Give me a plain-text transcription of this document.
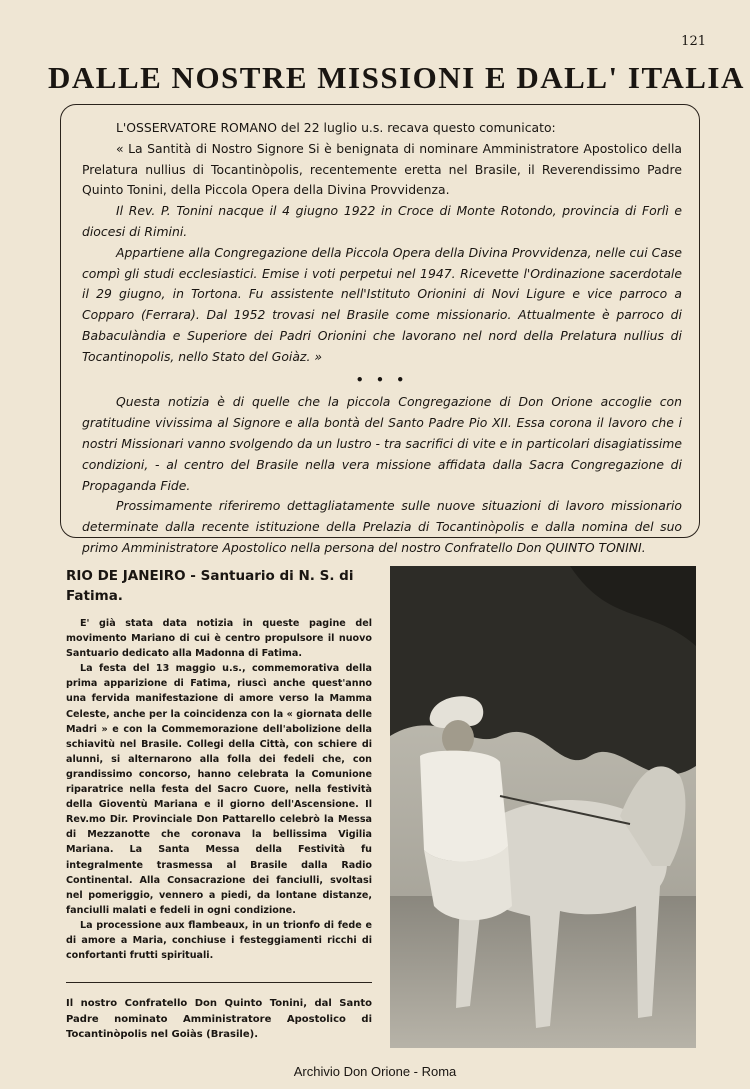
121
DALLE NOSTRE MISSIONI E DALL' ITALIA

L'OSSERVATORE ROMANO del 22 luglio u.s. recava questo comunicato:

« La Santità di Nostro Signore Si è benignata di nominare Amministratore Apostolico della Prelatura nullius di Tocantinòpolis, recentemente eretta nel Brasile, il Reverendissimo Padre Quinto Tonini, della Piccola Opera della Divina Provvidenza.

Il Rev. P. Tonini nacque il 4 giugno 1922 in Croce di Monte Rotondo, provincia di Forlì e diocesi di Rimini.

Appartiene alla Congregazione della Piccola Opera della Divina Provvidenza, nelle cui Case compì gli studi ecclesiastici. Emise i voti perpetui nel 1947. Ricevette l'Ordinazione sacerdotale il 29 giugno, in Tortona. Fu assistente nell'Istituto Orionini di Novi Ligure e vice parroco a Copparo (Ferrara). Dal 1952 trovasi nel Brasile come missionario. Attualmente è parroco di Babaculàndia e Superiore dei Padri Orionini che lavorano nel nord della Prelatura nullius di Tocantinopolis, nello Stato del Goiàz. »

• • •

Questa notizia è di quelle che la piccola Congregazione di Don Orione accoglie con gratitudine vivissima al Signore e alla bontà del Santo Padre Pio XII. Essa corona il lavoro che i nostri Missionari vanno svolgendo da un lustro - tra sacrifici di vite e in particolari disagiatissime condizioni, - al centro del Brasile nella vera missione affidata dalla Sacra Congregazione di Propaganda Fide.

Prossimamente riferiremo dettagliatamente sulle nuove situazioni di lavoro missionario determinate dalla recente istituzione della Prelazia di Tocantinòpolis e dalla nomina del suo primo Amministratore Apostolico nella persona del nostro Confratello Don QUINTO TONINI.

RIO DE JANEIRO - Santuario di N. S. di Fatima.

E' già stata data notizia in queste pagine del movimento Mariano di cui è centro propulsore il nuovo Santuario dedicato alla Madonna di Fatima.

La festa del 13 maggio u.s., commemorativa della prima apparizione di Fatima, riuscì anche quest'anno una fervida manifestazione di amore verso la Mamma Celeste, anche per la coincidenza con la « giornata delle Madri » e con la Commemorazione dell'abolizione della schiavitù nel Brasile. Collegi della Città, con schiere di alunni, si alternarono alla folla dei fedeli che, con grandissimo concorso, hanno celebrata la Comunione riparatrice nella festa del Sacro Cuore, nella festività della Gioventù Mariana e il giorno dell'Ascensione. Il Rev.mo Dir. Provinciale Don Pattarello celebrò la Messa di Mezzanotte che coronava la bellissima Vigilia Mariana. La Santa Messa della Festività fu integralmente trasmessa al Brasile dalla Radio Continental. Alla Consacrazione dei fanciulli, svoltasi nel pomeriggio, vennero a piedi, da lontane distanze, fanciulli malati e fedeli in ogni condizione.

La processione aux flambeaux, in un trionfo di fede e di amore a Maria, conchiuse i festeggiamenti ricchi di confortanti frutti spirituali.

Il nostro Confratello Don Quinto Tonini, dal Santo Padre nominato Amministratore Apostolico di Tocantinòpolis nel Goiàs (Brasile).
Archivio Don Orione - Roma
